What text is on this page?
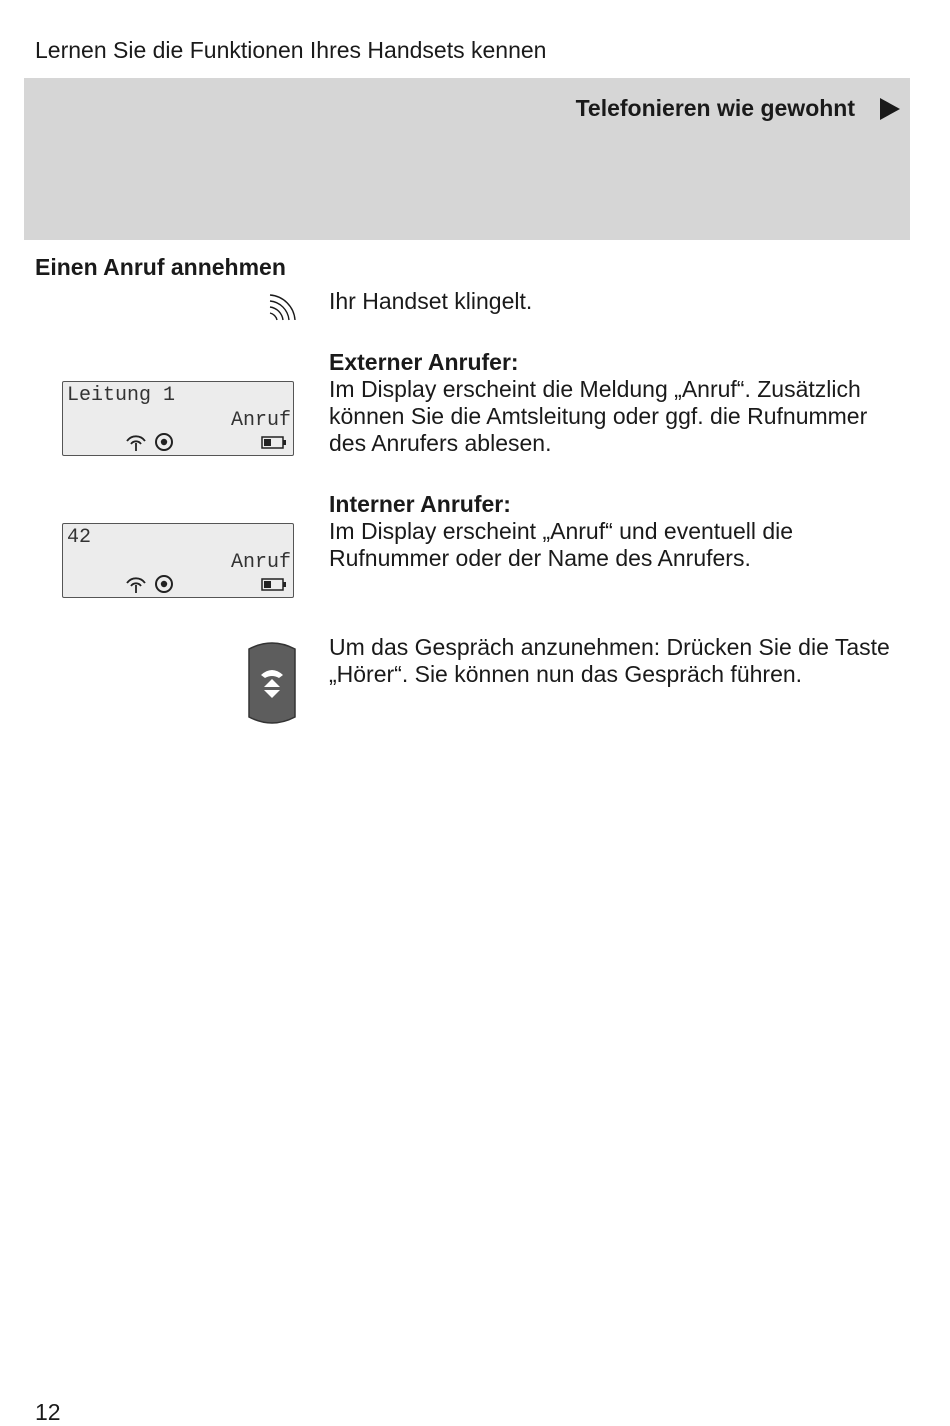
Lernen Sie die Funktionen Ihres Handsets kennen
Telefonieren wie gewohnt
Einen Anruf annehmen
Ihr Handset klingelt.
Externer Anrufer:
Im Display erscheint die Meldung „Anruf“. Zusätzlich können Sie die Amtsleitung oder ggf. die Rufnummer des Anrufers ablesen.
Leitung 1
Anruf
Interner Anrufer:
Im Display erscheint „Anruf“ und eventuell die Rufnummer oder der Name des Anrufers.
42
Anruf
Um das Gespräch anzunehmen: Drücken Sie die Taste „Hörer“. Sie können nun das Gespräch führen.
12
